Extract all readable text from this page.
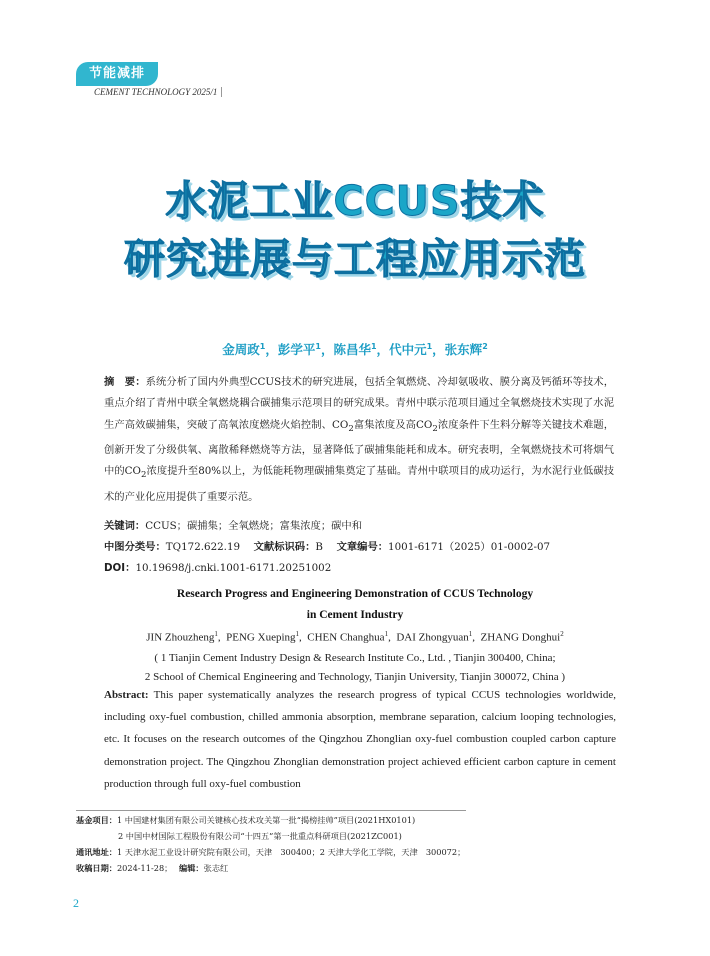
节能减排
CEMENT TECHNOLOGY 2025/1
水泥工业CCUS技术
研究进展与工程应用示范
金周政$^1$，彭学平$^1$，陈昌华$^1$，代中元$^1$，张东辉$^2$
摘　要：系统分析了国内外典型CCUS技术的研究进展，包括全氧燃烧、冷却氨吸收、膜分离及钙循环等技术，重点介绍了青州中联全氧燃烧耦合碳捕集示范项目的研究成果。青州中联示范项目通过全氧燃烧技术实现了水泥生产高效碳捕集，突破了高氧浓度燃烧火焰控制、$CO_2$富集浓度及高$CO_2$浓度条件下生料分解等关键技术难题，创新开发了分级供氧、离散稀释燃烧等方法，显著降低了碳捕集能耗和成本。研究表明，全氧燃烧技术可将烟气中的$CO_2$浓度提升至80%以上，为低能耗物理碳捕集奠定了基础。青州中联项目的成功运行，为水泥行业低碳技术的产业化应用提供了重要示范。
关键词：CCUS；碳捕集；全氧燃烧；富集浓度；碳中和
中图分类号：TQ172.622.19　 文献标识码：B　 文章编号：1001-6171（2025）01-0002-07
DOI：10.19698/j.cnki.1001-6171.20251002
Research Progress and Engineering Demonstration of CCUS Technology
in Cement Industry
JIN Zhouzheng$^1$,  PENG Xueping$^1$,  CHEN Changhua$^1$,  DAI Zhongyuan$^1$,  ZHANG Donghui$^2$
( 1 Tianjin Cement Industry Design & Research Institute Co., Ltd. , Tianjin 300400, China;
2 School of Chemical Engineering and Technology, Tianjin University, Tianjin 300072, China )
Abstract: This paper systematically analyzes the research progress of typical CCUS technologies worldwide, including oxy-fuel combustion, chilled ammonia absorption, membrane separation, calcium looping technologies, etc. It focuses on the research outcomes of the Qingzhou Zhonglian oxy-fuel combustion coupled carbon capture demonstration project. The Qingzhou Zhonglian demonstration project achieved efficient carbon capture in cement production through full oxy-fuel combustion
基金项目：1 中国建材集团有限公司关键核心技术攻关第一批“揭榜挂帅”项目(2021HX0101)
2 中国中材国际工程股份有限公司“十四五”第一批重点科研项目(2021ZC001)
通讯地址：1 天津水泥工业设计研究院有限公司，天津　300400；2 天津大学化工学院，天津　300072；
收稿日期：2024-11-28；　 编辑：张志红
2
